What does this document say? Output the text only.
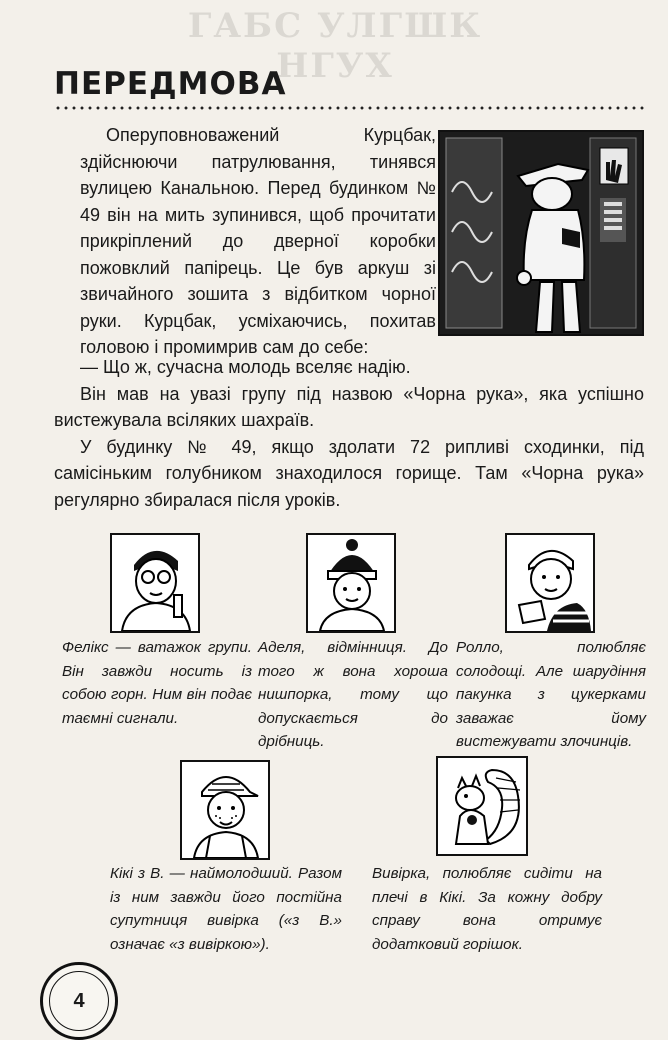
ГАБС УЛГШК НГУХ
ПЕРЕДМОВА

Оперуповноважений Курцбак, здійснюючи патрулювання, тинявся вулицею Канальною. Перед будинком № 49 він на мить зупинився, щоб прочитати прикріплений до дверної коробки пожовклий папірець. Це був аркуш зі звичайного зошита з відбитком чорної руки. Курцбак, усміхаючись, похитав головою і промимрив сам до себе:

— Що ж, сучасна молодь вселяє надію.

Він мав на увазі групу під назвою «Чорна рука», яка успішно вистежувала всіляких шахраїв.

У будинку № 49, якщо здолати 72 рипливі сходинки, під самісіньким голубником знаходилося горище. Там «Чорна рука» регулярно збиралася після уроків.

Фелікс — ватажок групи. Він завжди носить із собою горн. Ним він подає таємні сигнали.

Аделя, відмінниця. До того ж вона хороша нишпорка, тому що допускається до дрібниць.

Ролло, полюбляє солодощі. Але шарудіння пакунка з цукерками заважає йому вистежувати злочинців.

Кікі з В. — наймолодший. Разом із ним завжди його постійна супутниця вивірка («з В.» означає «з вивіркою»).

Вивірка, полюбляє сидіти на плечі в Кікі. За кожну добру справу вона отримує додатковий горішок.

4
